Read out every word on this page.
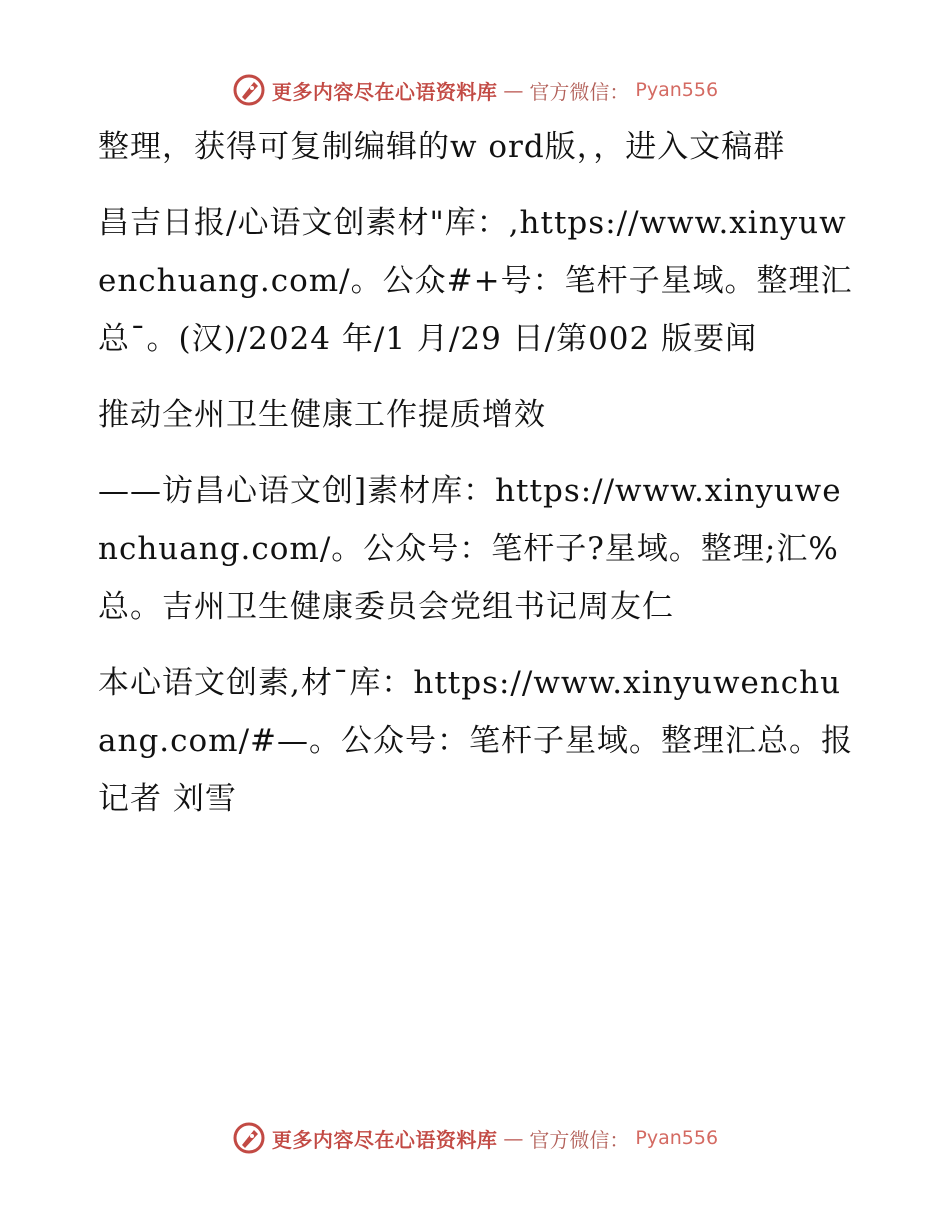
更多内容尽在心语资料库 — 官方微信： Pyan556

整理，获得可复制编辑的w ord版，，进入文稿群

昌吉日报/心语文创素材"库：,https://www.xinyuwenchuang.com/。公众#+号：笔杆子星域。整理汇总¯。(汉)/2024 年/1 月/29 日/第002 版要闻

推动全州卫生健康工作提质增效

——访昌心语文创]素材库：https://www.xinyuwenchuang.com/。公众号：笔杆子?星域。整理;汇%总。吉州卫生健康委员会党组书记周友仁

本心语文创素,材¯库：https://www.xinyuwenchuang.com/#—。公众号：笔杆子星域。整理汇总。报记者 刘雪

更多内容尽在心语资料库 — 官方微信： Pyan556
